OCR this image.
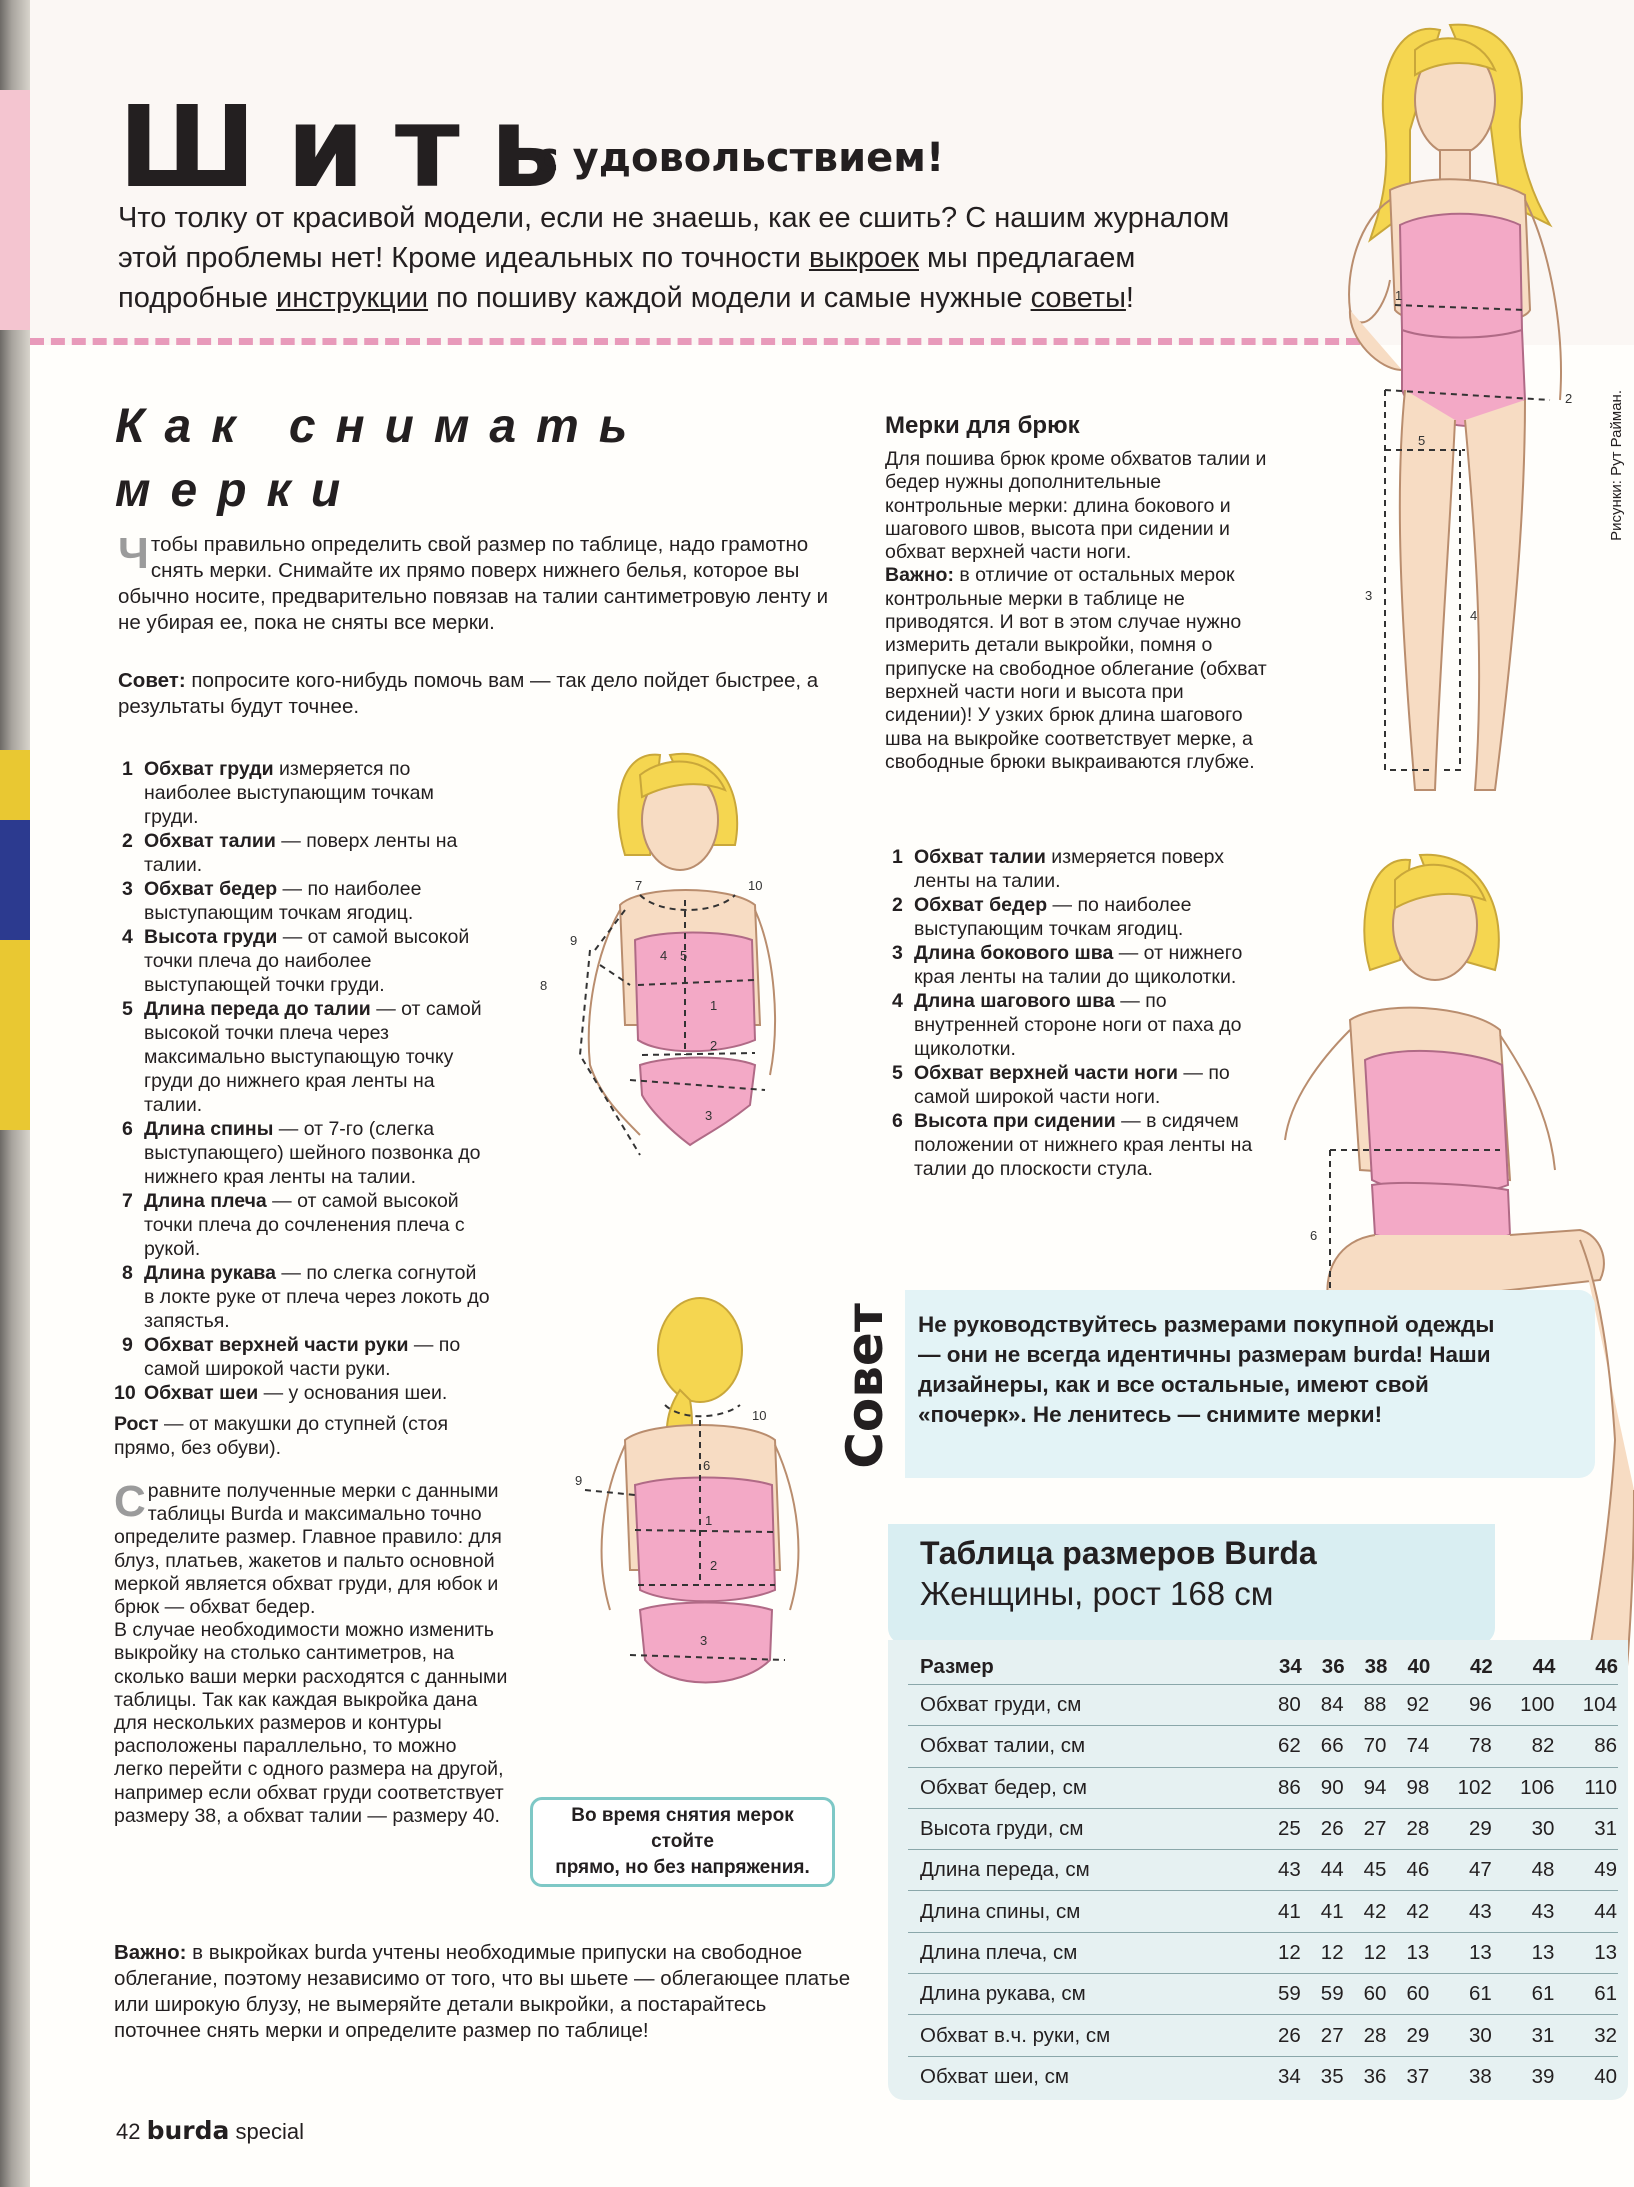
Шить
с удовольствием!

Что толку от красивой модели, если не знаешь, как ее сшить? С нашим журналом этой проблемы нет! Кроме идеальных по точности выкроек мы предлагаем подробные инструкции по пошиву каждой модели и самые нужные советы!	1
2
5
3
4

Рисунки: Рут Райман.

Как снимать мерки

Чтобы правильно определить свой размер по таблице, надо грамотно снять мерки. Снимайте их прямо поверх нижнего белья, которое вы обычно носите, предварительно повязав на талии сантиметровую ленту и не убирая ее, пока не сняты все мерки.

Совет: попросите кого-нибудь помочь вам — так дело пойдет быстрее, а результаты будут точнее.

1 Обхват груди измеряется по наиболее выступающим точкам груди.
2 Обхват талии — поверх ленты на талии.
3 Обхват бедер — по наиболее выступающим точкам ягодиц.
4 Высота груди — от самой высокой точки плеча до наиболее выступающей точки груди.
5 Длина переда до талии — от самой высокой точки плеча через максимально выступающую точку груди до нижнего края ленты на талии.
6 Длина спины — от 7-го (слегка выступающего) шейного позвонка до нижнего края ленты на талии.
7 Длина плеча — от самой высокой точки плеча до сочленения плеча с рукой.
8 Длина рукава — по слегка согнутой в локте руке от плеча через локоть до запястья.
9 Обхват верхней части руки — по самой широкой части руки.
10 Обхват шеи — у основания шеи.

Рост — от макушки до ступней (стоя прямо, без обуви).

Сравните полученные мерки с данными таблицы Burda и максимально точно определите размер. Главное правило: для блуз, платьев, жакетов и пальто основной меркой является обхват груди, для юбок и брюк — обхват бедер.
В случае необходимости можно изменить выкройку на столько сантиметров, на сколько ваши мерки расходятся с данными таблицы. Так как каждая выкройка дана для нескольких размеров и контуры расположены параллельно, то можно легко перейти с одного размера на другой, например если обхват груди соответствует размеру 38, а обхват талии — размеру 40.

Важно: в выкройках burda учтены необходимые припуски на свободное облегание, поэтому независимо от того, что вы шьете — облегающее платье или широкую блузу, не вымеряйте детали выкройки, а постарайтесь поточнее снять мерки и определите размер по таблице!

7	10
9
8
5
4
1
2
3
10
9
6
1
2
3
Во время снятия мерок стойте
прямо, но без напряжения.
Мерки для брюк

Для пошива брюк кроме обхватов талии и бедер нужны дополнительные контрольные мерки: длина бокового и шагового швов, высота при сидении и обхват верхней части ноги.
Важно: в отличие от остальных мерок контрольные мерки в таблице не приводятся. И вот в этом случае нужно измерить детали выкройки, помня о припуске на свободное облегание (обхват верхней части ноги и высота при сидении)! У узких брюк длина шагового шва на выкройке соответствует мерке, а свободные брюки выкраиваются глубже.

1 Обхват талии измеряется поверх ленты на талии.
2 Обхват бедер — по наиболее выступающим точкам ягодиц.
3 Длина бокового шва — от нижнего края ленты на талии до щиколотки.
4 Длина шагового шва — по внутренней стороне ноги от паха до щиколотки.
5 Обхват верхней части ноги — по самой широкой части ноги.
6 Высота при сидении — в сидячем положении от нижнего края ленты на талии до плоскости стула.
6
Совет Не руководствуйтесь размерами покупной одежды — они не всегда идентичны размерам burda! Наши дизайнеры, как и все остальные, имеют свой «почерк». Не ленитесь — снимите мерки!

Таблица размеров Burda

Женщины, рост 168 см

Размер	34	36	38	40	42	44	46
Обхват груди, см	80	84	88	92	96	100	104
Обхват талии, см	62	66	70	74	78	82	86
Обхват бедер, см	86	90	94	98	102	106	110
Высота груди, см	25	26	27	28	29	30	31
Длина переда, см	43	44	45	46	47	48	49
Длина спины, см	41	41	42	42	43	43	44
Длина плеча, см	12	12	12	13	13	13	13
Длина рукава, см	59	59	60	60	61	61	61
Обхват в.ч. руки, см	26	27	28	29	30	31	32
Обхват шеи, см	34	35	36	37	38	39	40

42 burda special
